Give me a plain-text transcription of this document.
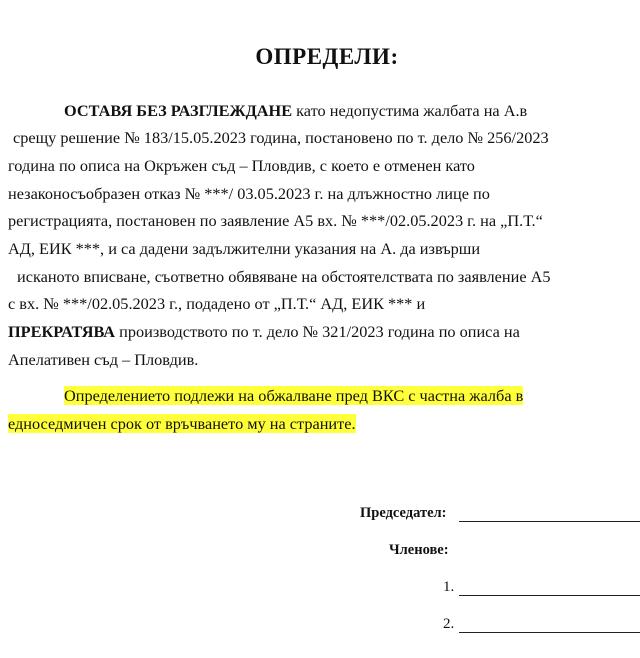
ОПРЕДЕЛИ:
ОСТАВЯ БЕЗ РАЗГЛЕЖДАНЕ като недопустима жалбата на А.в
срещу решение № 183/15.05.2023 година, постановено по т. дело № 256/2023
година по описа на Окръжен съд – Пловдив, с което е отменен като
незаконосъобразен отказ № ***/ 03.05.2023 г. на длъжностно лице по
регистрацията, постановен по заявление А5 вх. № ***/02.05.2023 г. на „П.Т.“
АД, ЕИК ***, и са дадени задължителни указания на А. да извърши
исканото вписване, съответно обявяване на обстоятелствата по заявление А5
с вх. № ***/02.05.2023 г., подадено от „П.Т.“ АД, ЕИК *** и
ПРЕКРАТЯВА производството по т. дело № 321/2023 година по описа на
Апелативен съд – Пловдив.
Определението подлежи на обжалване пред ВКС с частна жалба в
едноседмичен срок от връчването му на страните.
Председател:
Членове:
1.
2.
